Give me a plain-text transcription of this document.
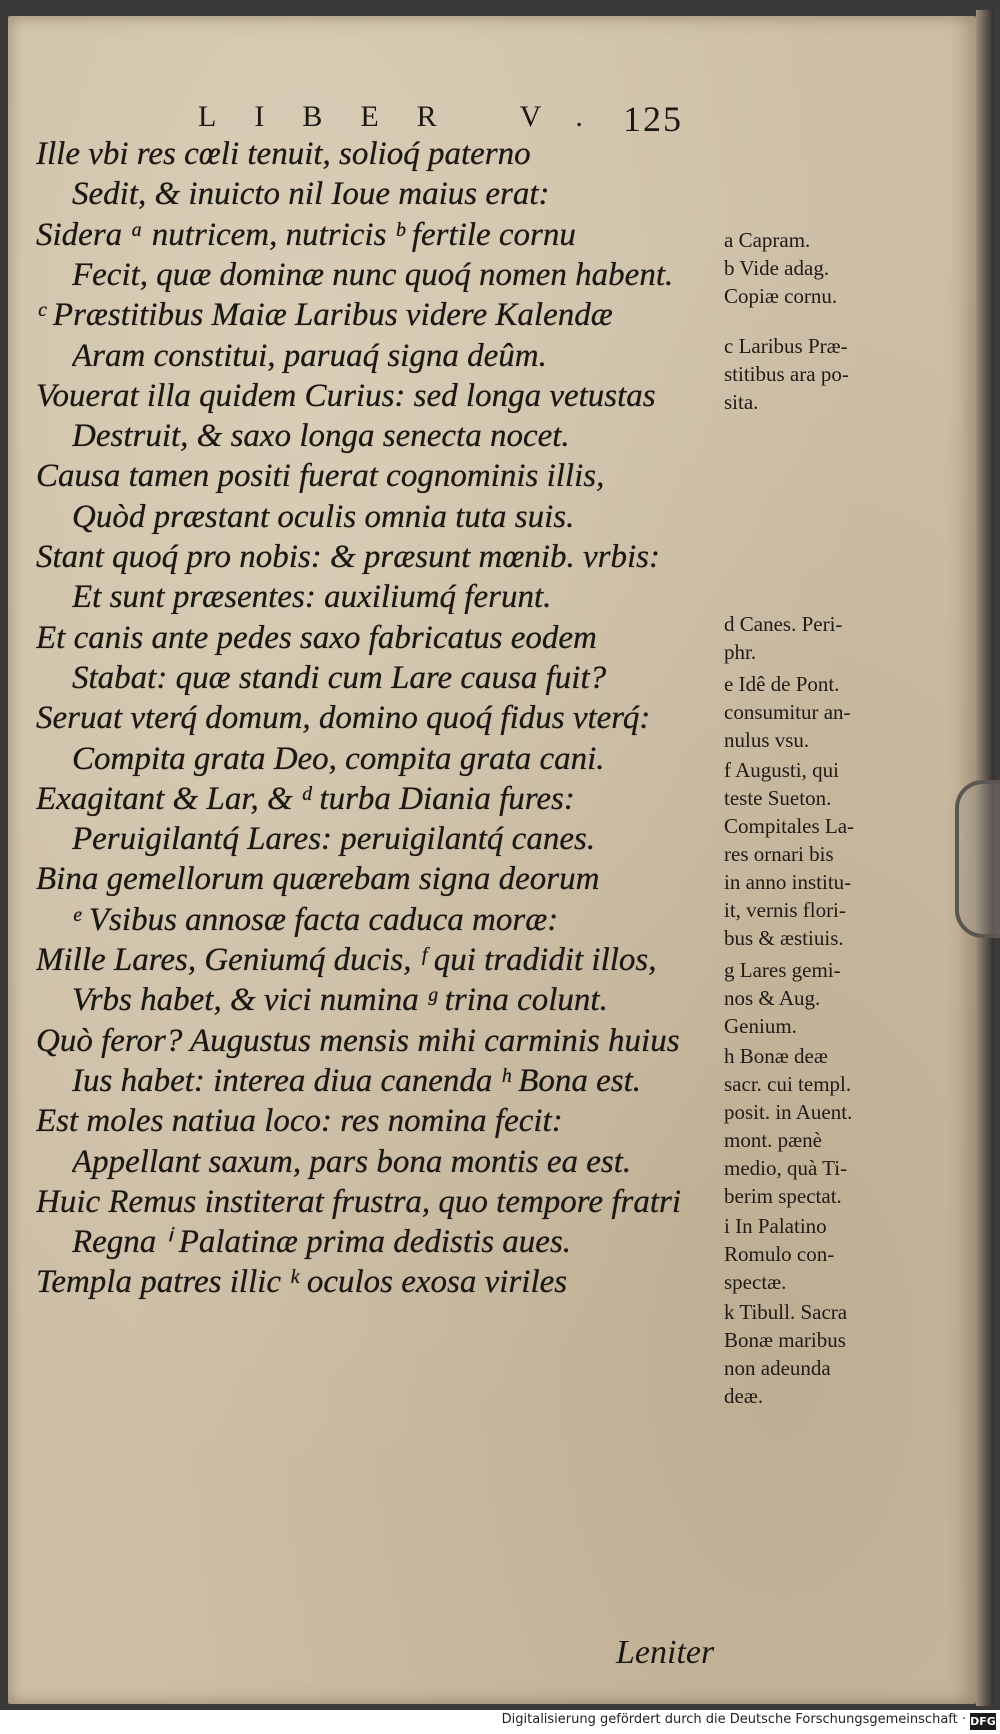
LIBER V. 125
Ille vbi res cœli tenuit, solioq́ paterno
Sedit, & inuicto nil Ioue maius erat:
Sidera ᵃ nutricem, nutricis ᵇ fertile cornu
Fecit, quæ dominæ nunc quoq́ nomen habent.
ᶜ Præstitibus Maiæ Laribus videre Kalendæ
Aram constitui, paruaq́ signa deûm.
Vouerat illa quidem Curius: sed longa vetustas
Destruit, & saxo longa senecta nocet.
Causa tamen positi fuerat cognominis illis,
Quòd præstant oculis omnia tuta suis.
Stant quoq́ pro nobis: & præsunt mœnib. vrbis:
Et sunt præsentes: auxiliumq́ ferunt.
Et canis ante pedes saxo fabricatus eodem
Stabat: quæ standi cum Lare causa fuit?
Seruat vterq́ domum, domino quoq́ fidus vterq́:
Compita grata Deo, compita grata cani.
Exagitant & Lar, & ᵈ turba Diania fures:
Peruigilantq́ Lares: peruigilantq́ canes.
Bina gemellorum quærebam signa deorum
ᵉ Vsibus annosæ facta caduca moræ:
Mille Lares, Geniumq́ ducis, ᶠ qui tradidit illos,
Vrbs habet, & vici numina ᵍ trina colunt.
Quò feror? Augustus mensis mihi carminis huius
Ius habet: interea diua canenda ʰ Bona est.
Est moles natiua loco: res nomina fecit:
Appellant saxum, pars bona montis ea est.
Huic Remus institerat frustra, quo tempore fratri
Regna ⁱ Palatinæ prima dedistis aues.
Templa patres illic ᵏ oculos exosa viriles
a Capram.
b Vide adag.
Copiæ cornu.
c Laribus Præ-
stitibus ara po-
sita.
d Canes. Peri-
phr.
e Idê de Pont.
consumitur an-
nulus vsu.
f Augusti, qui
teste Sueton.
Compitales La-
res ornari bis
in anno institu-
it, vernis flori-
bus & æstiuis.
g Lares gemi-
nos & Aug.
Genium.
h Bonæ deæ
sacr. cui templ.
posit. in Auent.
mont. pænè
medio, quà Ti-
berim spectat.
i In Palatino
Romulo con-
spectæ.
k Tibull. Sacra
Bonæ maribus
non adeunda
deæ.
Leniter
Digitalisierung gefördert durch die Deutsche Forschungsgemeinschaft · DFG
